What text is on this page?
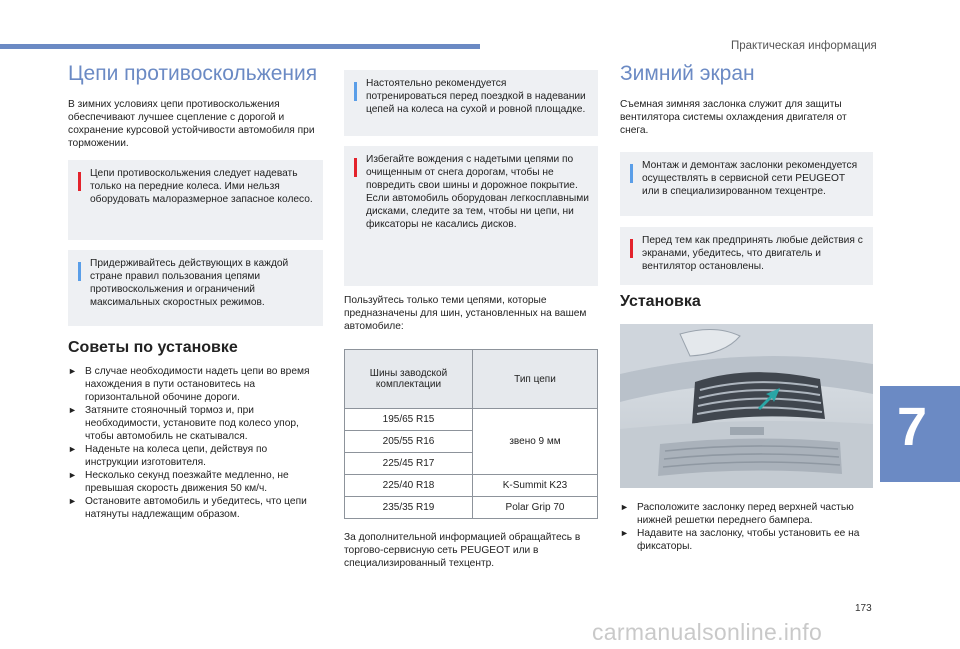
Практическая информация
Цепи противоскольжения

В зимних условиях цепи противоскольжения обеспечивают лучшее сцепление с дорогой и сохранение курсовой устойчивости автомобиля при торможении.

Цепи противоскольжения следует надевать только на передние колеса. Ими нельзя оборудовать малоразмерное запасное колесо.

Придерживайтесь действующих в каждой стране правил пользования цепями противоскольжения и ограничений максимальных скоростных режимов.

Советы по установке
► В случае необходимости надеть цепи во время нахождения в пути остановитесь на горизонтальной обочине дороги.
► Затяните стояночный тормоз и, при необходимости, установите под колесо упор, чтобы автомобиль не скатывался.
► Наденьте на колеса цепи, действуя по инструкции изготовителя.
► Несколько секунд поезжайте медленно, не превышая скорость движения 50 км/ч.
► Остановите автомобиль и убедитесь, что цепи натянуты надлежащим образом.

Настоятельно рекомендуется потренироваться перед поездкой в надевании цепей на колеса на сухой и ровной площадке.

Избегайте вождения с надетыми цепями по очищенным от снега дорогам, чтобы не повредить свои шины и дорожное покрытие. Если автомобиль оборудован легкосплавными дисками, следите за тем, чтобы ни цепи, ни фиксаторы не касались дисков.

Пользуйтесь только теми цепями, которые предназначены для шин, установленных на вашем автомобиле:

Шины заводской комплектации	Тип цепи
195/65 R15	звено 9 мм
205/55 R16	
225/45 R17	
225/40 R18	K-Summit K23
235/35 R19	Polar Grip 70

За дополнительной информацией обращайтесь в торгово-сервисную сеть PEUGEOT или в специализированный техцентр.

Зимний экран

Съемная зимняя заслонка служит для защиты вентилятора системы охлаждения двигателя от снега.

Монтаж и демонтаж заслонки рекомендуется осуществлять в сервисной сети PEUGEOT или в специализированном техцентре.

Перед тем как предпринять любые действия с экранами, убедитесь, что двигатель и вентилятор остановлены.

Установка
► Расположите заслонку перед верхней частью нижней решетки переднего бампера.
► Надавите на заслонку, чтобы установить ее на фиксаторы.
7
173
carmanualsonline.info
